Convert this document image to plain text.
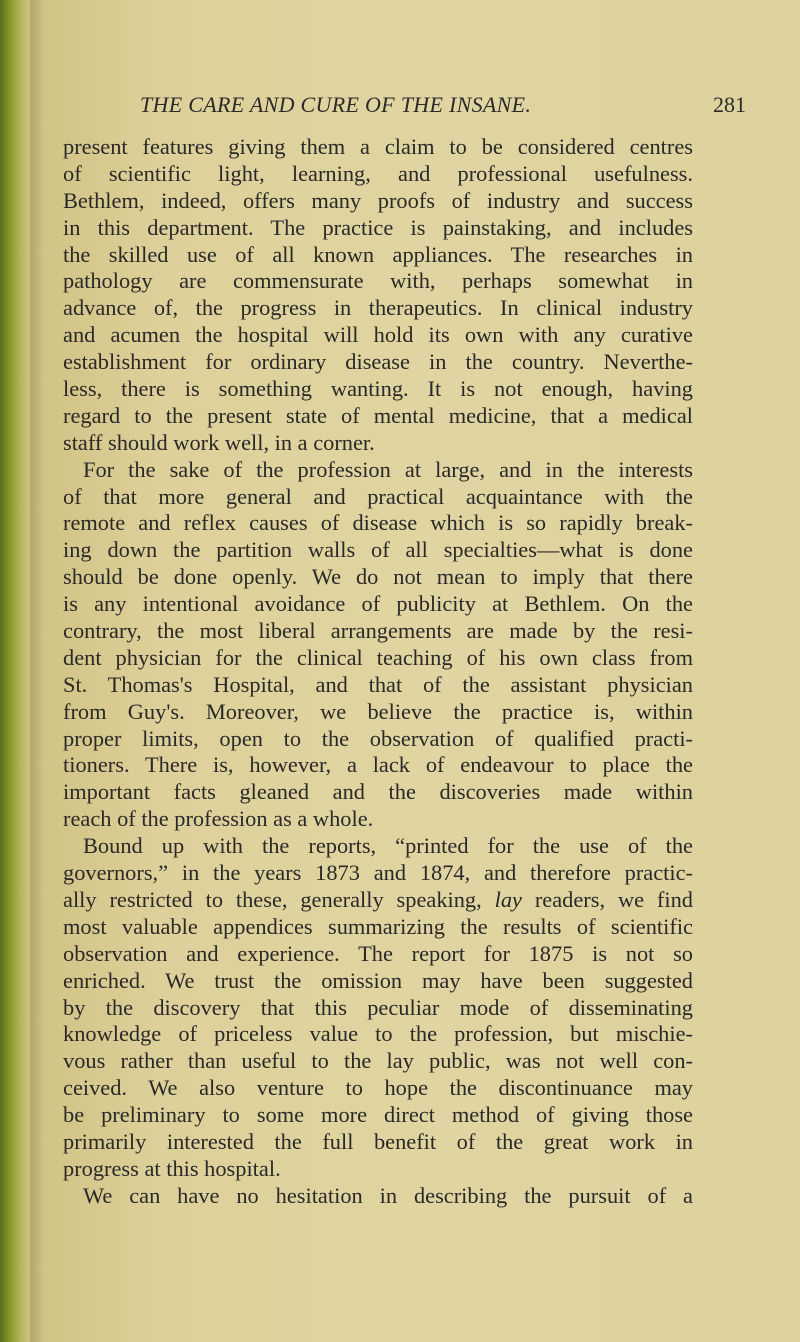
THE CARE AND CURE OF THE INSANE.	281
present features giving them a claim to be considered centres
of scientific light, learning, and professional usefulness.
Bethlem, indeed, offers many proofs of industry and success
in this department. The practice is painstaking, and includes
the skilled use of all known appliances. The researches in
pathology are commensurate with, perhaps somewhat in
advance of, the progress in therapeutics. In clinical industry
and acumen the hospital will hold its own with any curative
establishment for ordinary disease in the country. Neverthe-
less, there is something wanting. It is not enough, having
regard to the present state of mental medicine, that a medical
staff should work well, in a corner.
For the sake of the profession at large, and in the interests
of that more general and practical acquaintance with the
remote and reflex causes of disease which is so rapidly break-
ing down the partition walls of all specialties—what is done
should be done openly. We do not mean to imply that there
is any intentional avoidance of publicity at Bethlem. On the
contrary, the most liberal arrangements are made by the resi-
dent physician for the clinical teaching of his own class from
St. Thomas's Hospital, and that of the assistant physician
from Guy's. Moreover, we believe the practice is, within
proper limits, open to the observation of qualified practi-
tioners. There is, however, a lack of endeavour to place the
important facts gleaned and the discoveries made within
reach of the profession as a whole.
Bound up with the reports, “printed for the use of the
governors,” in the years 1873 and 1874, and therefore practic-
ally restricted to these, generally speaking, lay readers, we find
most valuable appendices summarizing the results of scientific
observation and experience. The report for 1875 is not so
enriched. We trust the omission may have been suggested
by the discovery that this peculiar mode of disseminating
knowledge of priceless value to the profession, but mischie-
vous rather than useful to the lay public, was not well con-
ceived. We also venture to hope the discontinuance may
be preliminary to some more direct method of giving those
primarily interested the full benefit of the great work in
progress at this hospital.
We can have no hesitation in describing the pursuit of a
